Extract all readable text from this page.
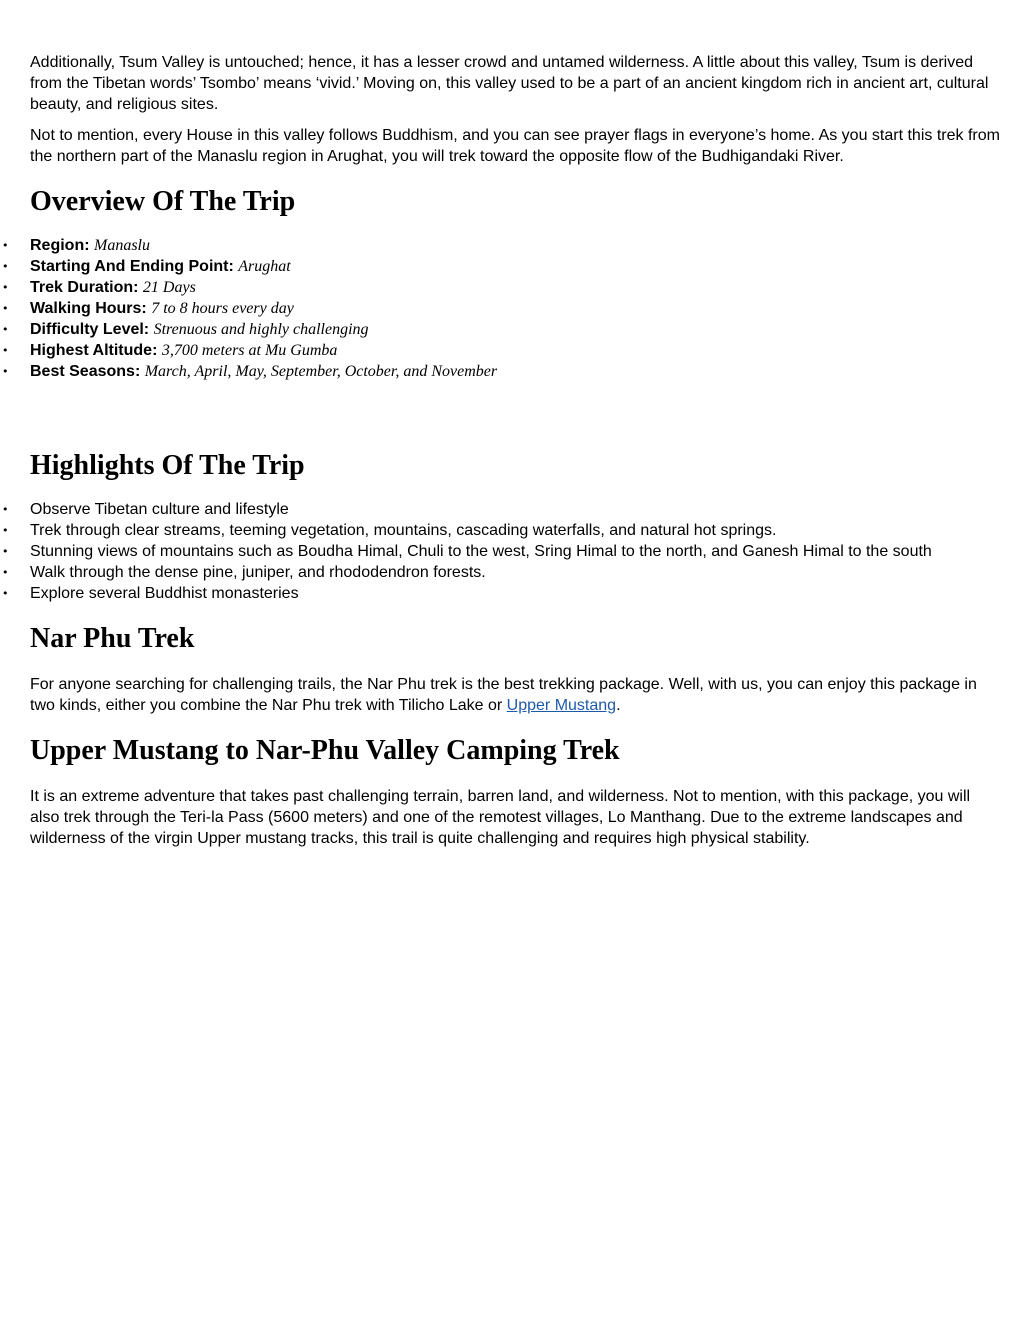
Additionally, Tsum Valley is untouched; hence, it has a lesser crowd and untamed wilderness. A little about this valley, Tsum is derived from the Tibetan words’ Tsombo’ means ‘vivid.’ Moving on, this valley used to be a part of an ancient kingdom rich in ancient art, cultural beauty, and religious sites.

Not to mention, every House in this valley follows Buddhism, and you can see prayer flags in everyone’s home. As you start this trek from the northern part of the Manaslu region in Arughat, you will trek toward the opposite flow of the Budhigandaki River.

Overview Of The Trip
• Region: Manaslu
• Starting And Ending Point: Arughat
• Trek Duration: 21 Days
• Walking Hours: 7 to 8 hours every day
• Difficulty Level: Strenuous and highly challenging
• Highest Altitude: 3,700 meters at Mu Gumba
• Best Seasons: March, April, May, September, October, and November
Highlights Of The Trip
• Observe Tibetan culture and lifestyle
• Trek through clear streams, teeming vegetation, mountains, cascading waterfalls, and natural hot springs.
• Stunning views of mountains such as Boudha Himal, Chuli to the west, Sring Himal to the north, and Ganesh Himal to the south
• Walk through the dense pine, juniper, and rhododendron forests.
• Explore several Buddhist monasteries
Nar Phu Trek

For anyone searching for challenging trails, the Nar Phu trek is the best trekking package. Well, with us, you can enjoy this package in two kinds, either you combine the Nar Phu trek with Tilicho Lake or Upper Mustang.

Upper Mustang to Nar-Phu Valley Camping Trek

It is an extreme adventure that takes past challenging terrain, barren land, and wilderness. Not to mention, with this package, you will also trek through the Teri-la Pass (5600 meters) and one of the remotest villages, Lo Manthang. Due to the extreme landscapes and wilderness of the virgin Upper mustang tracks, this trail is quite challenging and requires high physical stability.
